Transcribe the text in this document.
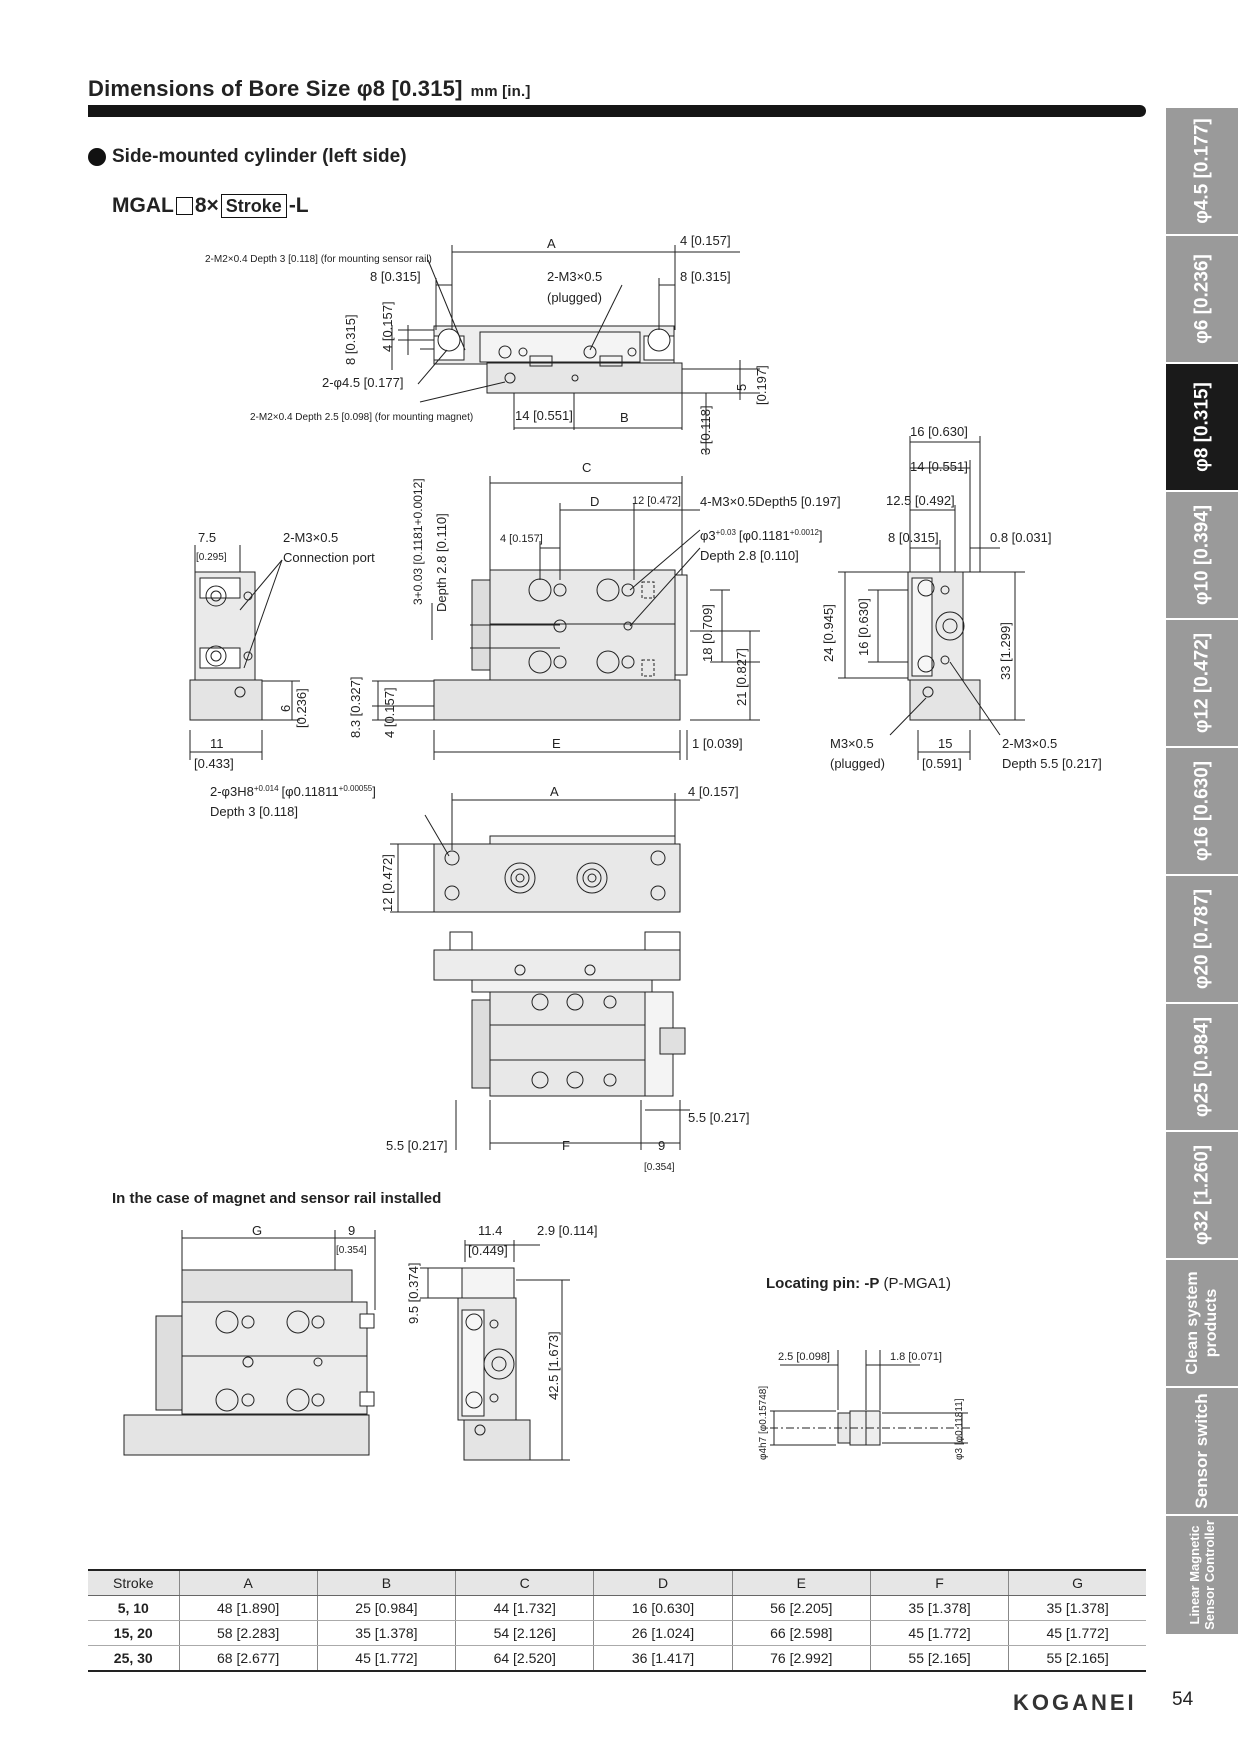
Dimensions of Bore Size φ8 [0.315] mm [in.]
Side-mounted cylinder (left side)
MGAL 8× Stroke -L
2-M2×0.4 Depth 3 [0.118] (for mounting sensor rail)
2-M2×0.4 Depth 2.5 [0.098] (for mounting magnet)
A	4 [0.157]
8 [0.315]	8 [0.315]
2-M3×0.5
(plugged)
2-φ4.5 [0.177]
14 [0.551]	B
5 [0.197]
3 [0.118]
4 [0.157]
8 [0.315]
C
D	12 [0.472]
4 [0.157]
4-M3×0.5Depth5 [0.197]
$\varphi 3^{+0.03}$ $[\varphi 0.1181^{+0.0012}]$
Depth 2.8 [0.110]
3+0.03 [0.1181+0.0012] Depth 2.8 [0.110]
18 [0.709]
21 [0.827]
8.3 [0.327] 4 [0.157]
E	1 [0.039]
7.5
[0.295]
2-M3×0.5
Connection port
6 [0.236]
11
[0.433]
16 [0.630]
14 [0.551]
12.5 [0.492]
8 [0.315]	0.8 [0.031]
24 [0.945] 16 [0.630]	33 [1.299]
M3×0.5
(plugged)
15
[0.591]
2-M3×0.5
Depth 5.5 [0.217]
$2-\varphi 3H8^{+0.014}$ $[\varphi 0.11811^{+0.00055}]$
Depth 3 [0.118]
A	4 [0.157]
12 [0.472]
5.5 [0.217]
5.5 [0.217]	F	9
[0.354]
G	9
[0.354]
11.4
[0.449]
2.9 [0.114]
9.5 [0.374]
42.5 [1.673]	2.5 [0.098]	1.8 [0.071]
φ4h7 [φ0.15748]	φ3 [φ0.11811]
In the case of magnet and sensor rail installed
Locating pin: -P (P-MGA1)
Stroke	A	B	C	D	E	F	G
5, 10	48 [1.890]	25 [0.984]	44 [1.732]	16 [0.630]	56 [2.205]	35 [1.378]	35 [1.378]
15, 20	58 [2.283]	35 [1.378]	54 [2.126]	26 [1.024]	66 [2.598]	45 [1.772]	45 [1.772]
25, 30	68 [2.677]	45 [1.772]	64 [2.520]	36 [1.417]	76 [2.992]	55 [2.165]	55 [2.165]
φ4.5 [0.177]
φ6 [0.236]
φ8 [0.315]
φ10 [0.394]
φ12 [0.472]
φ16 [0.630]
φ20 [0.787]
φ25 [0.984]
φ32 [1.260]
Clean system products
Sensor switch
Linear Magnetic Sensor Controller
KOGANEI 54
